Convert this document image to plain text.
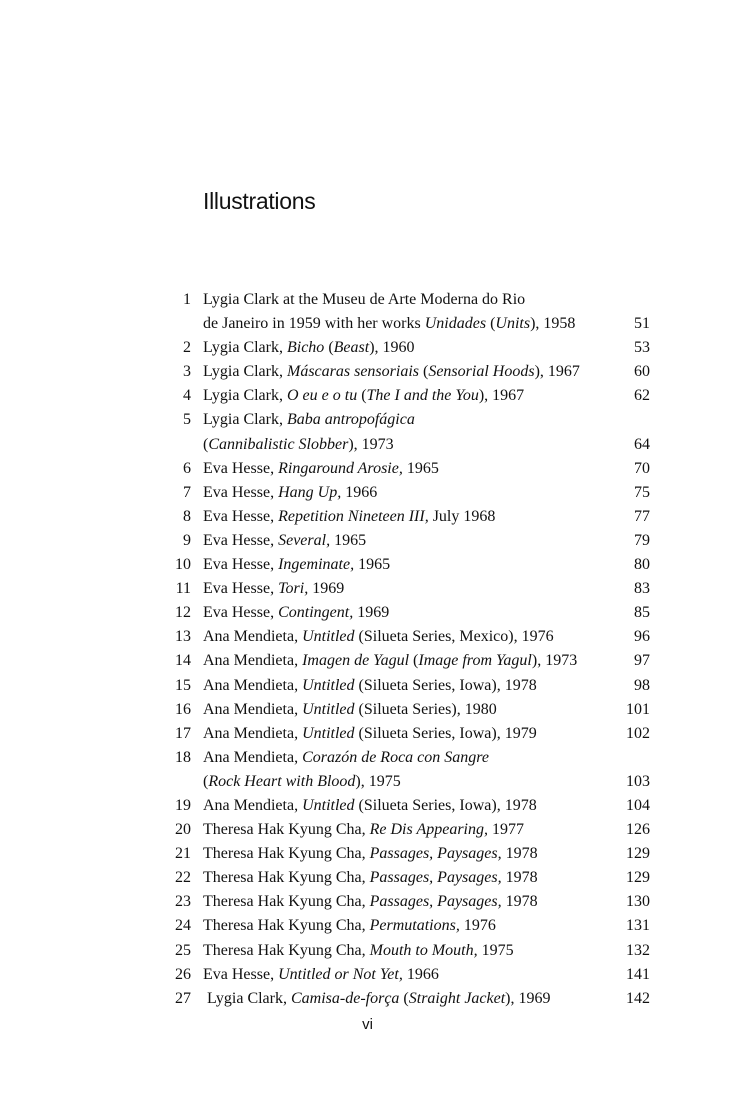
Illustrations
1 Lygia Clark at the Museu de Arte Moderna do Rio
de Janeiro in 1959 with her works Unidades (Units), 1958	51
2 Lygia Clark, Bicho (Beast), 1960	53
3 Lygia Clark, Máscaras sensoriais (Sensorial Hoods), 1967	60
4 Lygia Clark, O eu e o tu (The I and the You), 1967	62
5 Lygia Clark, Baba antropofágica
(Cannibalistic Slobber), 1973	64
6 Eva Hesse, Ringaround Arosie, 1965	70
7 Eva Hesse, Hang Up, 1966	75
8 Eva Hesse, Repetition Nineteen III, July 1968	77
9 Eva Hesse, Several, 1965	79
10 Eva Hesse, Ingeminate, 1965	80
11 Eva Hesse, Tori, 1969	83
12 Eva Hesse, Contingent, 1969	85
13 Ana Mendieta, Untitled (Silueta Series, Mexico), 1976	96
14 Ana Mendieta, Imagen de Yagul (Image from Yagul), 1973	97
15 Ana Mendieta, Untitled (Silueta Series, Iowa), 1978	98
16 Ana Mendieta, Untitled (Silueta Series), 1980	101
17 Ana Mendieta, Untitled (Silueta Series, Iowa), 1979	102
18 Ana Mendieta, Corazón de Roca con Sangre
(Rock Heart with Blood), 1975	103
19 Ana Mendieta, Untitled (Silueta Series, Iowa), 1978	104
20 Theresa Hak Kyung Cha, Re Dis Appearing, 1977	126
21 Theresa Hak Kyung Cha, Passages, Paysages, 1978	129
22 Theresa Hak Kyung Cha, Passages, Paysages, 1978	129
23 Theresa Hak Kyung Cha, Passages, Paysages, 1978	130
24 Theresa Hak Kyung Cha, Permutations, 1976	131
25 Theresa Hak Kyung Cha, Mouth to Mouth, 1975	132
26 Eva Hesse, Untitled or Not Yet, 1966	141
27 Lygia Clark, Camisa-de-força (Straight Jacket), 1969	142
vi
